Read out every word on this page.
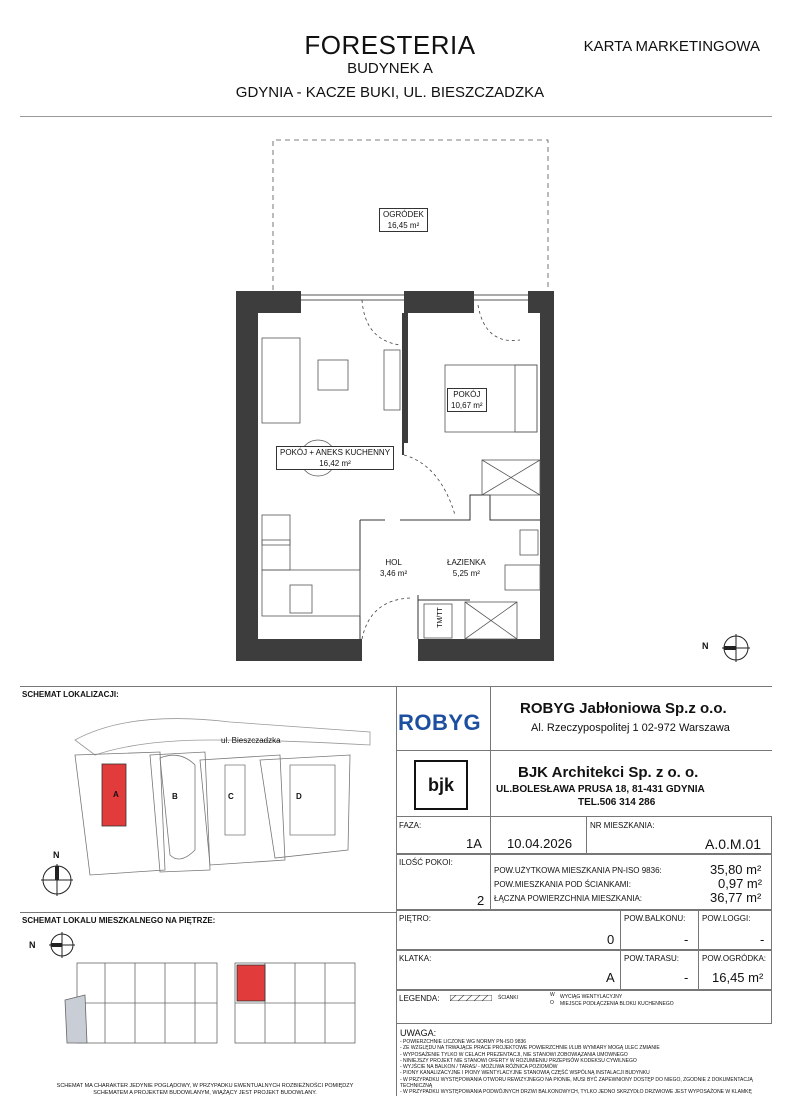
FORESTERIA
BUDYNEK A
GDYNIA - KACZE BUKI, UL. BIESZCZADZKA
KARTA MARKETINGOWA
OGRÓDEK
16,45 m²
POKÓJ
10,67 m²
POKÓJ + ANEKS KUCHENNY
16,42 m²
HOL
3,46 m²
ŁAZIENKA
5,25 m²
TM/TT
N
SCHEMAT LOKALIZACJI:
ul. Bieszczadzka
A	B	C	D
N
SCHEMAT LOKALU MIESZKALNEGO NA PIĘTRZE:
N
SCHEMAT MA CHARAKTER JEDYNIE POGLĄDOWY, W PRZYPADKU EWENTUALNYCH ROZBIEŻNOŚCI POMIĘDZY SCHEMATEM A PROJEKTEM BUDOWLANYM, WIĄŻĄCY JEST PROJEKT BUDOWLANY.
ROBYG
ROBYG Jabłoniowa Sp.z o.o.
Al. Rzeczypospolitej 1 02-972 Warszawa
bjk
BJK Architekci Sp. z o. o.
UL.BOLESŁAWA PRUSA 18, 81-431 GDYNIA
TEL.506 314 286
FAZA:
1A 10.04.2026
NR MIESZKANIA:
A.0.M.01
ILOŚĆ POKOI:
2
POW.UŻYTKOWA MIESZKANIA PN-ISO 9836:	35,80 m²
POW.MIESZKANIA POD ŚCIANKAMI:	0,97 m²
ŁĄCZNA POWIERZCHNIA MIESZKANIA:	36,77 m²
PIĘTRO:
0
POW.BALKONU:
-
POW.LOGGI:
-
KLATKA:
A
POW.TARASU:
-
POW.OGRÓDKA:
16,45 m²
LEGENDA:	ŚCIANKI	W WYCIĄG WENTYLACYJNY
O MIEJSCE PODŁĄCZENIA BLOKU KUCHENNEGO
UWAGA:
- POWIERZCHNIE LICZONE WG NORMY PN-ISO 9836
- ZE WZGLĘDU NA TRWAJĄCE PRACE PROJEKTOWE POWIERZCHNIE I/LUB WYMIARY MOGĄ ULEC ZMIANIE
- WYPOSAŻENIE TYLKO W CELACH PREZENTACJI, NIE STANOWI ZOBOWIĄZANIA UMOWNEGO
- NINIEJSZY PROJEKT NIE STANOWI OFERTY W ROZUMIENIU PRZEPISÓW KODEKSU CYWILNEGO
- WYJŚCIE NA BALKON / TARAS/ - MOŻLIWA RÓŻNICA POZIOMÓW
- PIONY KANALIZACYJNE I PIONY WENTYLACYJNE STANOWIĄ CZĘŚĆ WSPÓLNĄ INSTALACJI BUDYNKU
- W PRZYPADKU WYSTĘPOWANIA OTWORU REWIZYJNEGO NA PIONIE, MUSI BYĆ ZAPEWNIONY DOSTĘP DO NIEGO, ZGODNIE Z DOKUMENTACJĄ TECHNICZNĄ
- W PRZYPADKU WYSTĘPOWANIA PODWÓJNYCH DRZWI BALKONOWYCH, TYLKO JEDNO SKRZYDŁO DRZWIOWE JEST WYPOSAŻONE W KLAMKĘ
